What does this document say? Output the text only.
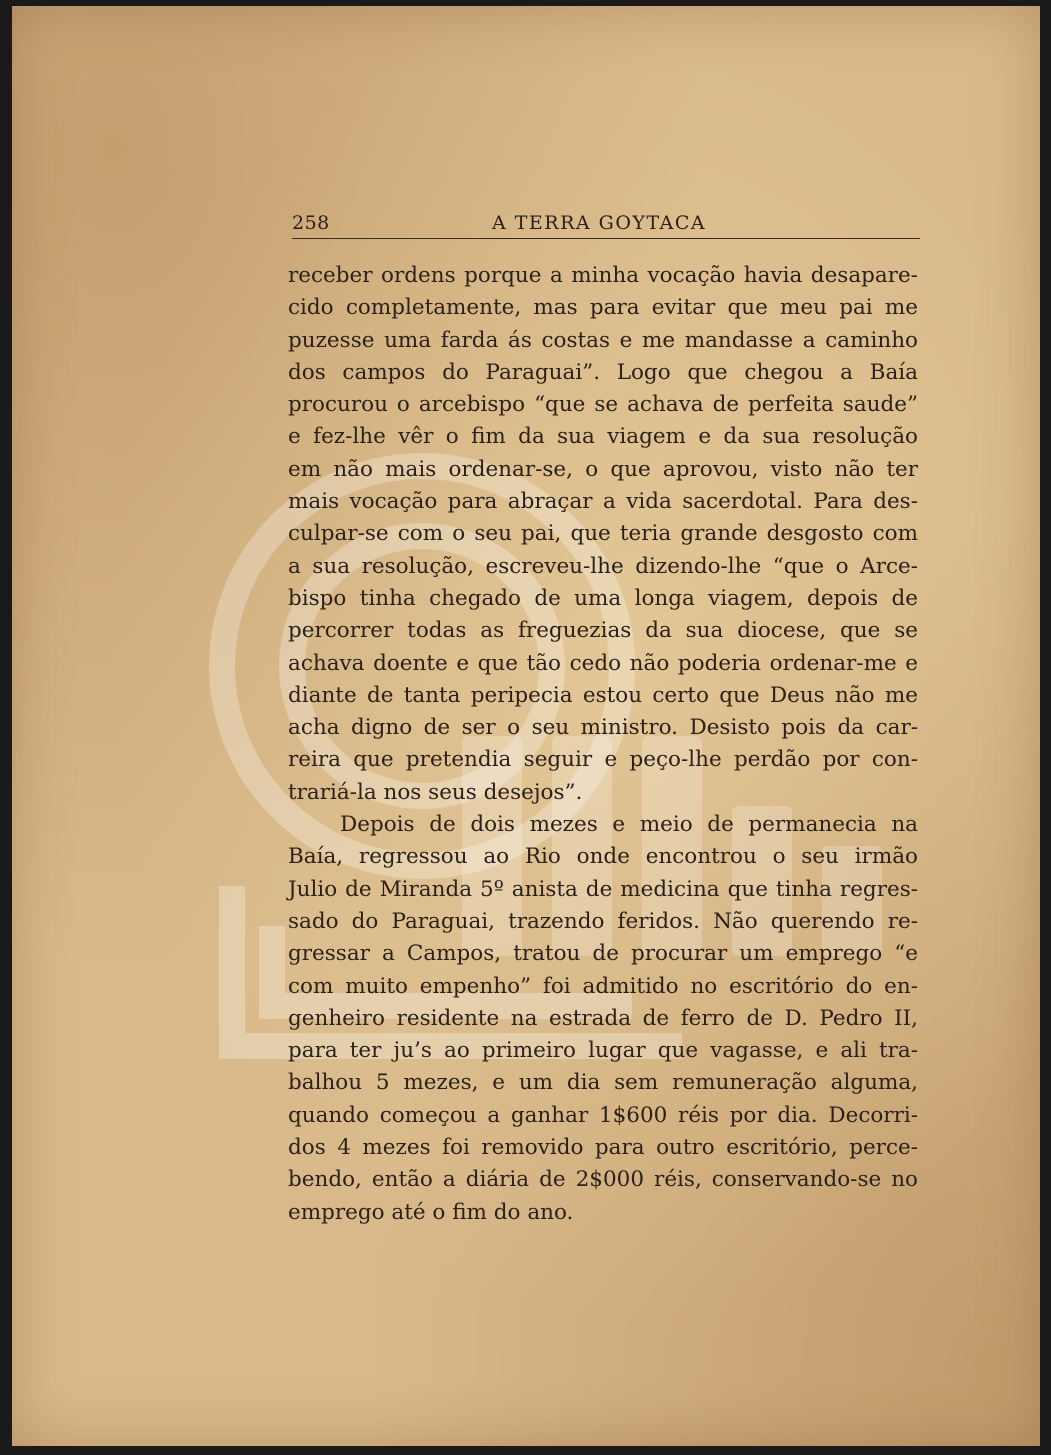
258	A TERRA GOYTACA
receber ordens porque a minha vocação havia desapare-
cido completamente, mas para evitar que meu pai me
puzesse uma farda ás costas e me mandasse a caminho
dos campos do Paraguai”. Logo que chegou a Baía
procurou o arcebispo “que se achava de perfeita saude”
e fez-lhe vêr o fim da sua viagem e da sua resolução
em não mais ordenar-se, o que aprovou, visto não ter
mais vocação para abraçar a vida sacerdotal. Para des-
culpar-se com o seu pai, que teria grande desgosto com
a sua resolução, escreveu-lhe dizendo-lhe “que o Arce-
bispo tinha chegado de uma longa viagem, depois de
percorrer todas as freguezias da sua diocese, que se
achava doente e que tão cedo não poderia ordenar-me e
diante de tanta peripecia estou certo que Deus não me
acha digno de ser o seu ministro. Desisto pois da car-
reira que pretendia seguir e peço-lhe perdão por con-
trariá-la nos seus desejos”.
Depois de dois mezes e meio de permanecia na
Baía, regressou ao Rio onde encontrou o seu irmão
Julio de Miranda 5º anista de medicina que tinha regres-
sado do Paraguai, trazendo feridos. Não querendo re-
gressar a Campos, tratou de procurar um emprego “e
com muito empenho” foi admitido no escritório do en-
genheiro residente na estrada de ferro de D. Pedro II,
para ter ju’s ao primeiro lugar que vagasse, e ali tra-
balhou 5 mezes, e um dia sem remuneração alguma,
quando começou a ganhar 1$600 réis por dia. Decorri-
dos 4 mezes foi removido para outro escritório, perce-
bendo, então a diária de 2$000 réis, conservando-se no
emprego até o fim do ano.
